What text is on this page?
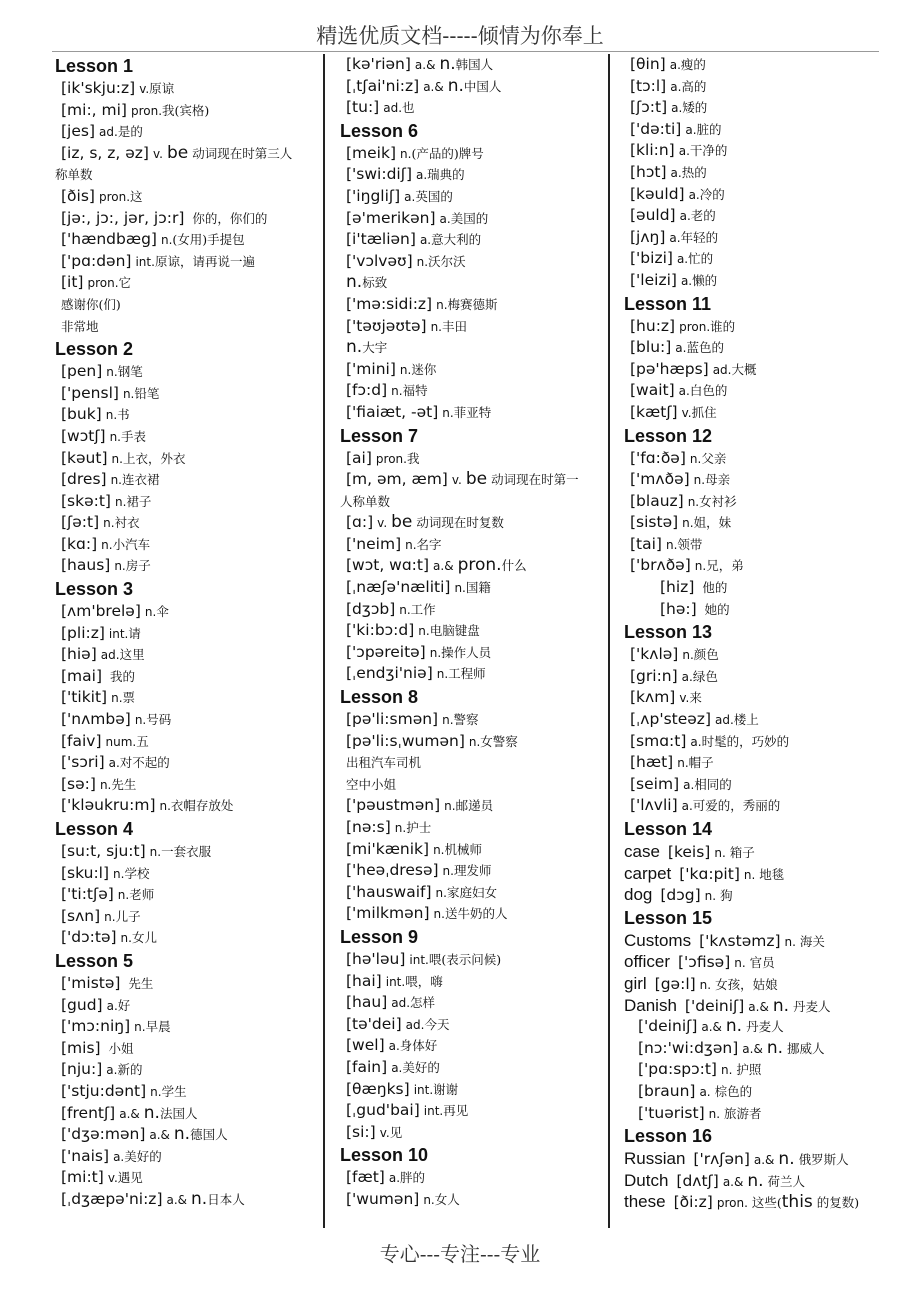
精选优质文档-----倾情为你奉上
Lesson 1
[ik'skju:z] v.原谅
[mi:, mi] pron.我(宾格)
[jes] ad.是的
[iz, s, z, əz] v. be 动词现在时第三人
称单数
[ðis] pron.这
[jə:, jɔ:, jər, jɔ:r] 你的，你们的
['hændbæg] n.(女用)手提包
['pɑ:dən] int.原谅，请再说一遍
[it] pron.它
感谢你(们)
非常地
Lesson 2
[pen] n.钢笔
['pensl] n.铅笔
[buk] n.书
[wɔtʃ] n.手表
[kəut] n.上衣，外衣
[dres] n.连衣裙
[skə:t] n.裙子
[ʃə:t] n.衬衣
[kɑ:] n.小汽车
[haus] n.房子
Lesson 3
[ʌm'brelə] n.伞
[pli:z] int.请
[hiə] ad.这里
[mai] 我的
['tikit] n.票
['nʌmbə] n.号码
[faiv] num.五
['sɔri] a.对不起的
[sə:] n.先生
['kləukru:m] n.衣帽存放处
Lesson 4
[su:t, sju:t] n.一套衣服
[sku:l] n.学校
['ti:tʃə] n.老师
[sʌn] n.儿子
['dɔ:tə] n.女儿
Lesson 5
['mistə] 先生
[gud] a.好
['mɔ:niŋ] n.早晨
[mis] 小姐
[nju:] a.新的
['stju:dənt] n.学生
[frentʃ] a.& n.法国人
['dʒə:mən] a.& n.德国人
['nais] a.美好的
[mi:t] v.遇见
[ˌdʒæpə'ni:z] a.& n.日本人
[kə'riən] a.& n.韩国人
[ˌtʃai'ni:z] a.& n.中国人
[tu:] ad.也
Lesson 6
[meik] n.(产品的)牌号
['swi:diʃ] a.瑞典的
['iŋgliʃ] a.英国的
[ə'merikən] a.美国的
[i'tæliən] a.意大利的
['vɔlvəʊ] n.沃尔沃
n.标致
['mə:sidi:z] n.梅赛德斯
['təʊjəʊtə] n.丰田
n.大宇
['mini] n.迷你
[fɔ:d] n.福特
['fiaiæt, -ət] n.菲亚特
Lesson 7
[ai] pron.我
[m, əm, æm] v. be 动词现在时第一
人称单数
[ɑ:] v. be 动词现在时复数
['neim] n.名字
[wɔt, wɑ:t] a.& pron.什么
[ˌnæʃə'næliti] n.国籍
[dʒɔb] n.工作
['ki:bɔ:d] n.电脑键盘
['ɔpəreitə] n.操作人员
[ˌendʒi'niə] n.工程师
Lesson 8
[pə'li:smən] n.警察
[pə'li:sˌwumən] n.女警察
出租汽车司机
空中小姐
['pəustmən] n.邮递员
[nə:s] n.护士
[mi'kænik] n.机械师
['heəˌdresə] n.理发师
['hauswaif] n.家庭妇女
['milkmən] n.送牛奶的人
Lesson 9
[hə'ləu] int.喂(表示问候)
[hai] int.喂，嗨
[hau] ad.怎样
[tə'dei] ad.今天
[wel] a.身体好
[fain] a.美好的
[θæŋks] int.谢谢
[ˌgud'bai] int.再见
[si:] v.见
Lesson 10
[fæt] a.胖的
['wumən] n.女人
[θin] a.瘦的
[tɔ:l] a.高的
[ʃɔ:t] a.矮的
['də:ti] a.脏的
[kli:n] a.干净的
[hɔt] a.热的
[kəuld] a.冷的
[əuld] a.老的
[jʌŋ] a.年轻的
['bizi] a.忙的
['leizi] a.懒的
Lesson 11
[hu:z] pron.谁的
[blu:] a.蓝色的
[pə'hæps] ad.大概
[wait] a.白色的
[kætʃ] v.抓住
Lesson 12
['fɑ:ðə] n.父亲
['mʌðə] n.母亲
[blauz] n.女衬衫
[sistə] n.姐，妹
[tai] n.领带
['brʌðə] n.兄，弟
[hiz] 他的
[hə:] 她的
Lesson 13
['kʌlə] n.颜色
[gri:n] a.绿色
[kʌm] v.来
[ˌʌp'steəz] ad.楼上
[smɑ:t] a.时髦的，巧妙的
[hæt] n.帽子
[seim] a.相同的
['lʌvli] a.可爱的，秀丽的
Lesson 14
case [keis] n. 箱子
carpet ['kɑ:pit] n. 地毯
dog [dɔg] n. 狗
Lesson 15
Customs ['kʌstəmz] n. 海关
officer ['ɔfisə] n. 官员
girl [gə:l] n. 女孩，姑娘
Danish ['deiniʃ] a.& n. 丹麦人
['deiniʃ] a.& n. 丹麦人
[nɔ:'wi:dʒən] a.& n. 挪威人
['pɑ:spɔ:t] n. 护照
[braun] a. 棕色的
['tuərist] n. 旅游者
Lesson 16
Russian ['rʌʃən] a.& n. 俄罗斯人
Dutch [dʌtʃ] a.& n. 荷兰人
these [ði:z] pron. 这些(this 的复数)
专心---专注---专业
